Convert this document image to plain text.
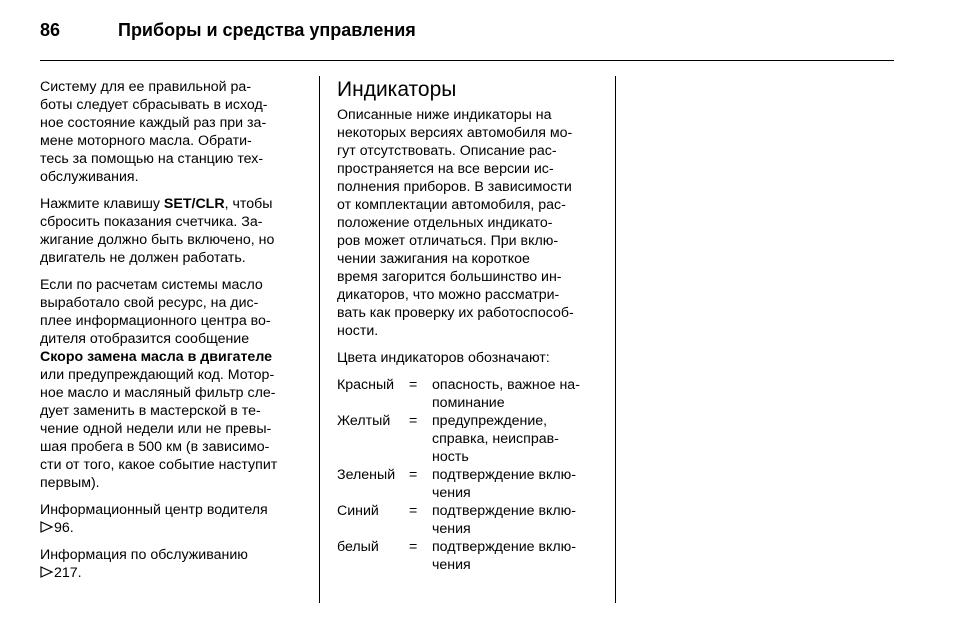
86	Приборы и средства управления

Систему для ее правильной ра-
боты следует сбрасывать в исход-
ное состояние каждый раз при за-
мене моторного масла. Обрати-
тесь за помощью на станцию тех-
обслуживания.

Нажмите клавишу SET/CLR, чтобы
сбросить показания счетчика. За-
жигание должно быть включено, но
двигатель не должен работать.

Если по расчетам системы масло
выработало свой ресурс, на дис-
плее информационного центра во-
дителя отобразится сообщение
Скоро замена масла в двигателе
или предупреждающий код. Мотор-
ное масло и масляный фильтр сле-
дует заменить в мастерской в те-
чение одной недели или не превы-
шая пробега в 500 км (в зависимо-
сти от того, какое событие наступит
первым).

Информационный центр водителя
96.

Информация по обслуживанию
217.

Индикаторы

Описанные ниже индикаторы на
некоторых версиях автомобиля мо-
гут отсутствовать. Описание рас-
пространяется на все версии ис-
полнения приборов. В зависимости
от комплектации автомобиля, рас-
положение отдельных индикато-
ров может отличаться. При вклю-
чении зажигания на короткое
время загорится большинство ин-
дикаторов, что можно рассматри-
вать как проверку их работоспособ-
ности.

Цвета индикаторов обозначают:

Красный	=	опасность, важное на-
поминание
Желтый	=	предупреждение,
справка, неисправ-
ность
Зеленый	=	подтверждение вклю-
чения
Синий	=	подтверждение вклю-
чения
белый	=	подтверждение вклю-
чения
